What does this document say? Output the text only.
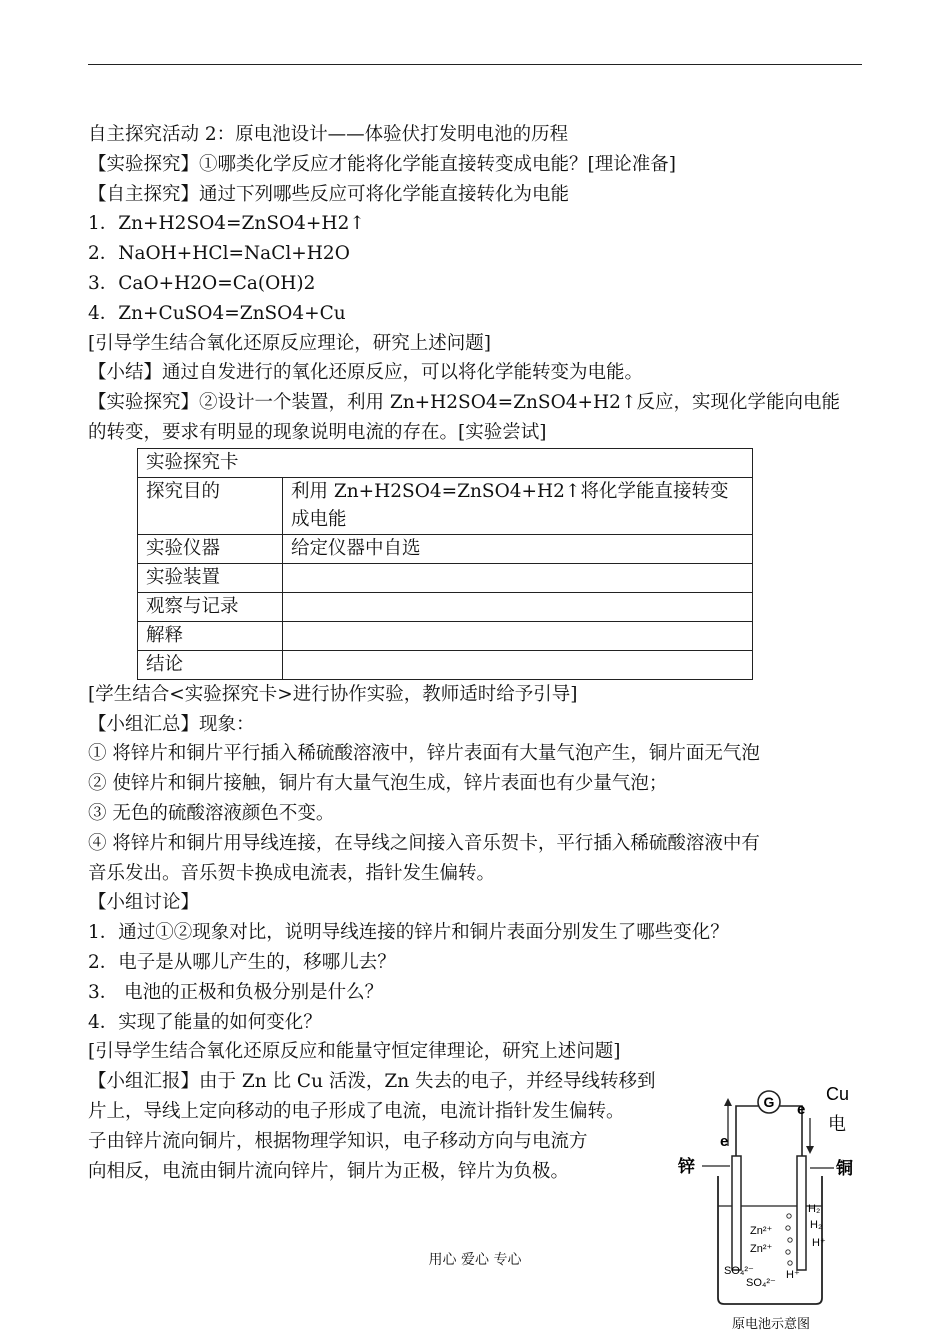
自主探究活动 2：原电池设计——体验伏打发明电池的历程
【实验探究】①哪类化学反应才能将化学能直接转变成电能？[理论准备]
【自主探究】通过下列哪些反应可将化学能直接转化为电能
1．Zn+H2SO4=ZnSO4+H2↑
2．NaOH+HCl=NaCl+H2O
3．CaO+H2O=Ca(OH)2
4．Zn+CuSO4=ZnSO4+Cu
[引导学生结合氧化还原反应理论，研究上述问题]
【小结】通过自发进行的氧化还原反应，可以将化学能转变为电能。
【实验探究】②设计一个装置，利用 Zn+H2SO4=ZnSO4+H2↑反应，实现化学能向电能
的转变，要求有明显的现象说明电流的存在。[实验尝试]
实验探究卡	
探究目的	利用 Zn+H2SO4=ZnSO4+H2↑将化学能直接转变成电能
实验仪器	给定仪器中自选
实验装置	
观察与记录	
解释	
结论	
[学生结合<实验探究卡>进行协作实验，教师适时给予引导]
【小组汇总】现象：
① 将锌片和铜片平行插入稀硫酸溶液中，锌片表面有大量气泡产生，铜片面无气泡
② 使锌片和铜片接触，铜片有大量气泡生成，锌片表面也有少量气泡；
③ 无色的硫酸溶液颜色不变。
④ 将锌片和铜片用导线连接，在导线之间接入音乐贺卡，平行插入稀硫酸溶液中有
音乐发出。音乐贺卡换成电流表，指针发生偏转。
【小组讨论】
1．通过①②现象对比，说明导线连接的锌片和铜片表面分别发生了哪些变化？
2．电子是从哪儿产生的，移哪儿去？
3． 电池的正极和负极分别是什么？
4．实现了能量的如何变化？
[引导学生结合氧化还原反应和能量守恒定律理论，研究上述问题]
【小组汇报】由于 Zn 比 Cu 活泼，Zn 失去的电子，并经导线转移到
片上，导线上定向移动的电子形成了电流，电流计指针发生偏转。
子由锌片流向铜片，根据物理学知识，电子移动方向与电流方
向相反，电流由铜片流向锌片，铜片为正极，锌片为负极。
G
e
e
Cu
电
锌	铜
Zn²⁺
Zn²⁺
H₂
H₂
H⁺
H⁺
SO₄²⁻
SO₄²⁻
原电池示意图
用心 爱心 专心
